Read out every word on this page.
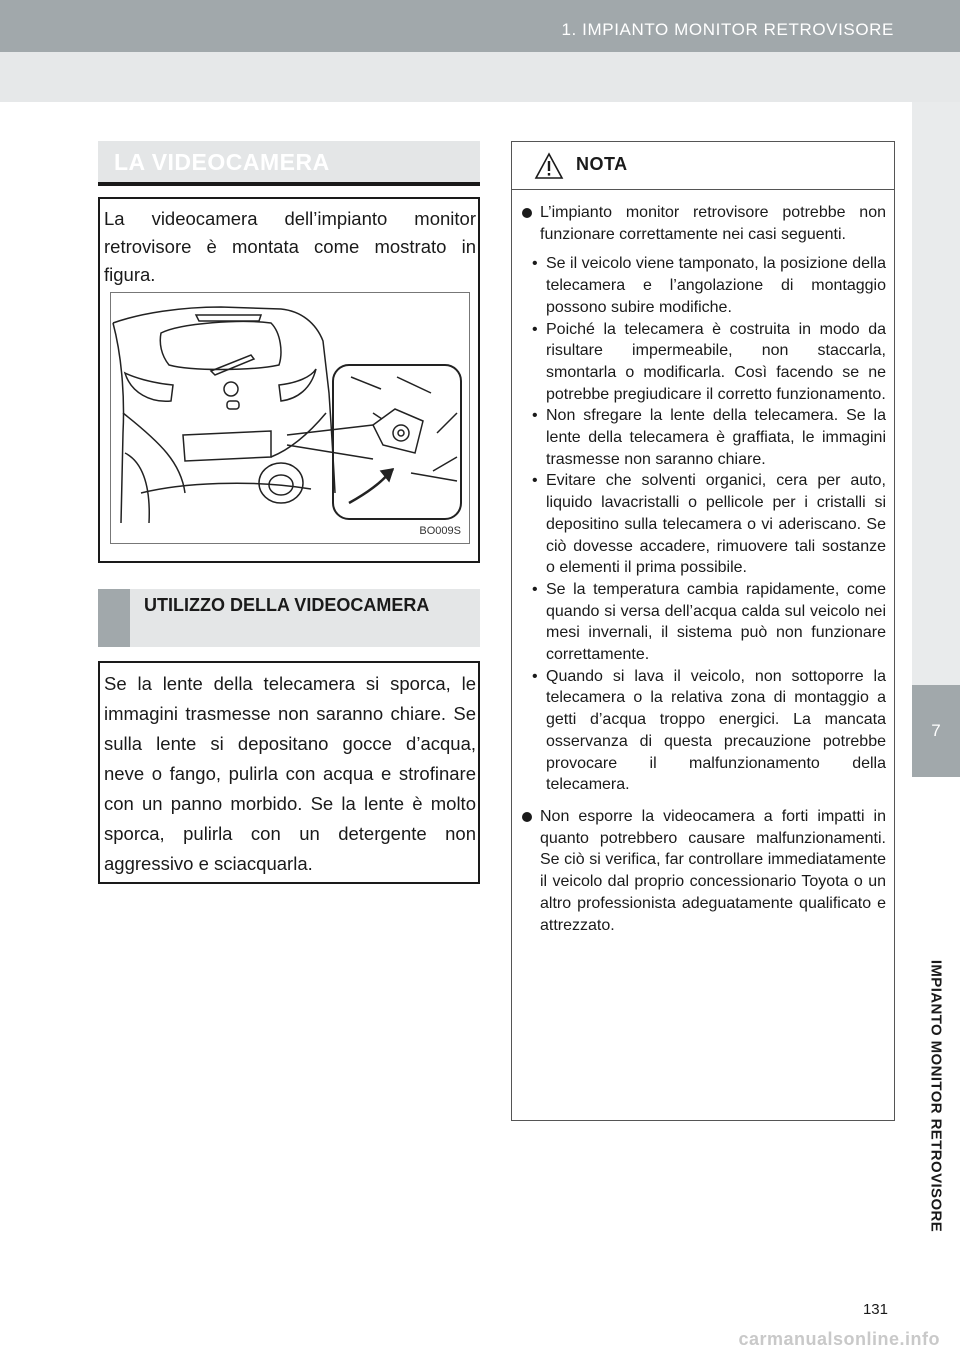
1. IMPIANTO MONITOR RETROVISORE
7
IMPIANTO MONITOR RETROVISORE
LA VIDEOCAMERA
La videocamera dell’impianto monitor retrovisore è montata come mostrato in figura.
BO009S
UTILIZZO DELLA VIDEOCAMERA
Se la lente della telecamera si sporca, le immagini trasmesse non saranno chiare. Se sulla lente si depositano gocce d’acqua, neve o fango, pulirla con acqua e strofinare con un panno morbido. Se la lente è molto sporca, pulirla con un detergente non aggressivo e sciacquarla.
NOTA
L’impianto monitor retrovisore potrebbe non funzionare correttamente nei casi seguenti.
• Se il veicolo viene tamponato, la posizione della telecamera e l’angolazione di montaggio possono subire modifiche.
• Poiché la telecamera è costruita in modo da risultare impermeabile, non staccarla, smontarla o modificarla. Così facendo se ne potrebbe pregiudicare il corretto funzionamento.
• Non sfregare la lente della telecamera. Se la lente della telecamera è graffiata, le immagini trasmesse non saranno chiare.
• Evitare che solventi organici, cera per auto, liquido lavacristalli o pellicole per i cristalli si depositino sulla telecamera o vi aderiscano. Se ciò dovesse accadere, rimuovere tali sostanze o elementi il prima possibile.
• Se la temperatura cambia rapidamente, come quando si versa dell’acqua calda sul veicolo nei mesi invernali, il sistema può non funzionare correttamente.
• Quando si lava il veicolo, non sottoporre la telecamera o la relativa zona di montaggio a getti d’acqua troppo energici. La mancata osservanza di questa precauzione potrebbe provocare il malfunzionamento della telecamera.
Non esporre la videocamera a forti impatti in quanto potrebbero causare malfunzionamenti. Se ciò si verifica, far controllare immediatamente il veicolo dal proprio concessionario Toyota o un altro professionista adeguatamente qualificato e attrezzato.
131
carmanualsonline.info
